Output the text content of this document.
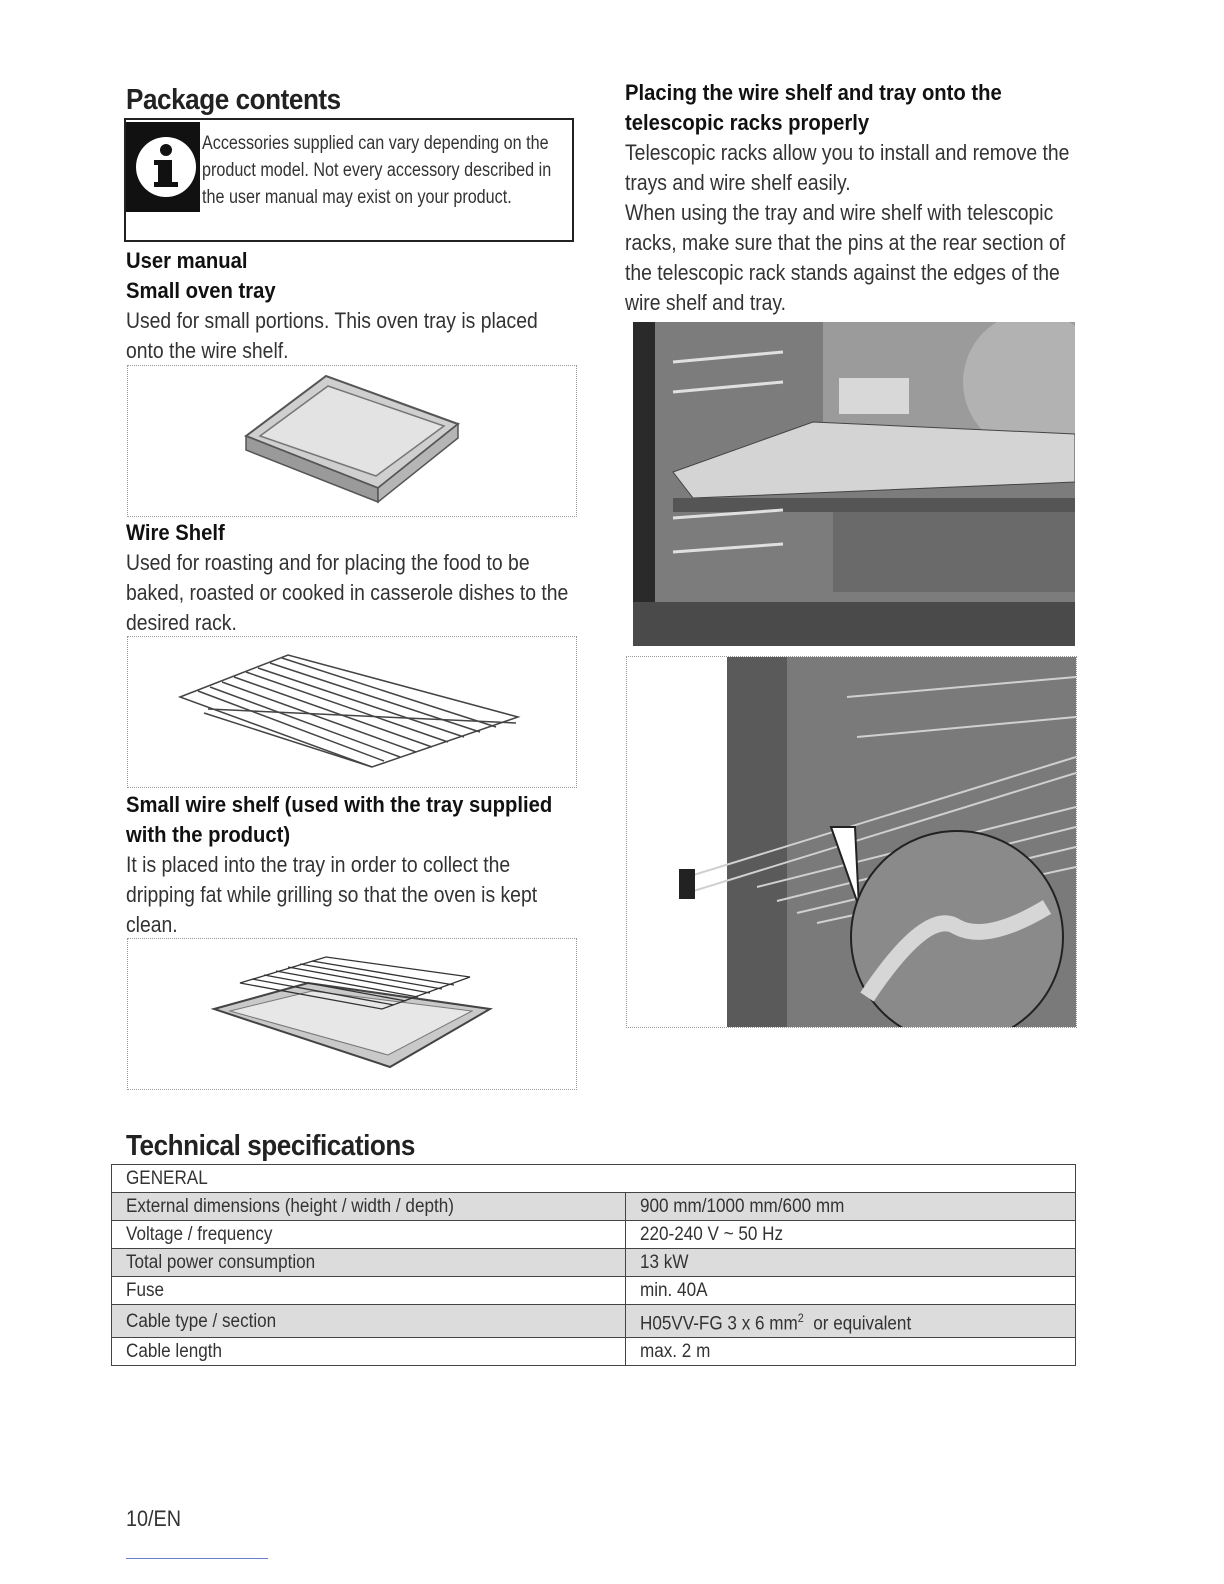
Package contents
Accessories supplied can vary depending on the product model. Not every accessory described in the user manual may exist on your product.
User manual
Small oven tray
Used for small portions. This oven tray is placed onto the wire shelf.
Wire Shelf
Used for roasting and for placing the food to be baked, roasted or cooked in casserole dishes to the desired rack.
Small wire shelf (used with the tray supplied
with the product)
It is placed into the tray in order to collect the dripping fat while grilling so that the oven is kept clean.
Placing the wire shelf and tray onto the
telescopic racks properly
Telescopic racks allow you to install and remove the trays and wire shelf easily.
When using the tray and wire shelf with telescopic racks, make sure that the pins at the rear section of the telescopic rack stands against the edges of the wire shelf and tray.
Technical specifications
GENERAL	
External dimensions (height / width / depth)	900 mm/1000 mm/600 mm
Voltage / frequency	220-240 V ~ 50 Hz
Total power consumption	13 kW
Fuse	min. 40A
Cable type / section	H05VV-FG 3 x 6 $mm^2$  or equivalent
Cable length	max. 2 m
10/EN
